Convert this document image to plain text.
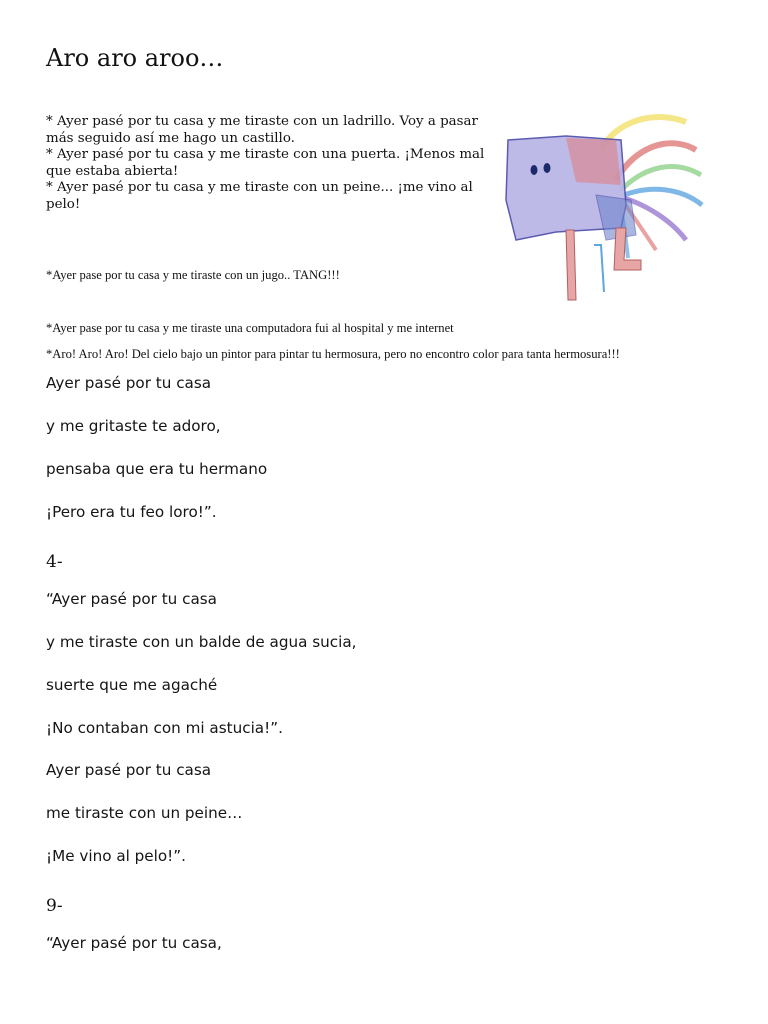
Aro aro aroo…

* Ayer pasé por tu casa y me tiraste con un ladrillo. Voy a pasar más seguido así me hago un castillo.

* Ayer pasé por tu casa y me tiraste con una puerta. ¡Menos mal que estaba abierta!

* Ayer pasé por tu casa y me tiraste con un peine... ¡me vino al pelo!

*Ayer pase por tu casa y me tiraste con un jugo.. TANG!!!

*Ayer pase por tu casa y me tiraste una computadora fui al hospital y me internet

*Aro! Aro! Aro! Del cielo bajo un pintor para pintar tu hermosura, pero no encontro color para tanta hermosura!!!

Ayer pasé por tu casa

y me gritaste te adoro,

pensaba que era tu hermano

¡Pero era tu feo loro!”.

4-

“Ayer pasé por tu casa

y me tiraste con un balde de agua sucia,

suerte que me agaché

¡No contaban con mi astucia!”.

Ayer pasé por tu casa

me tiraste con un peine…

¡Me vino al pelo!”.

9-

“Ayer pasé por tu casa,
